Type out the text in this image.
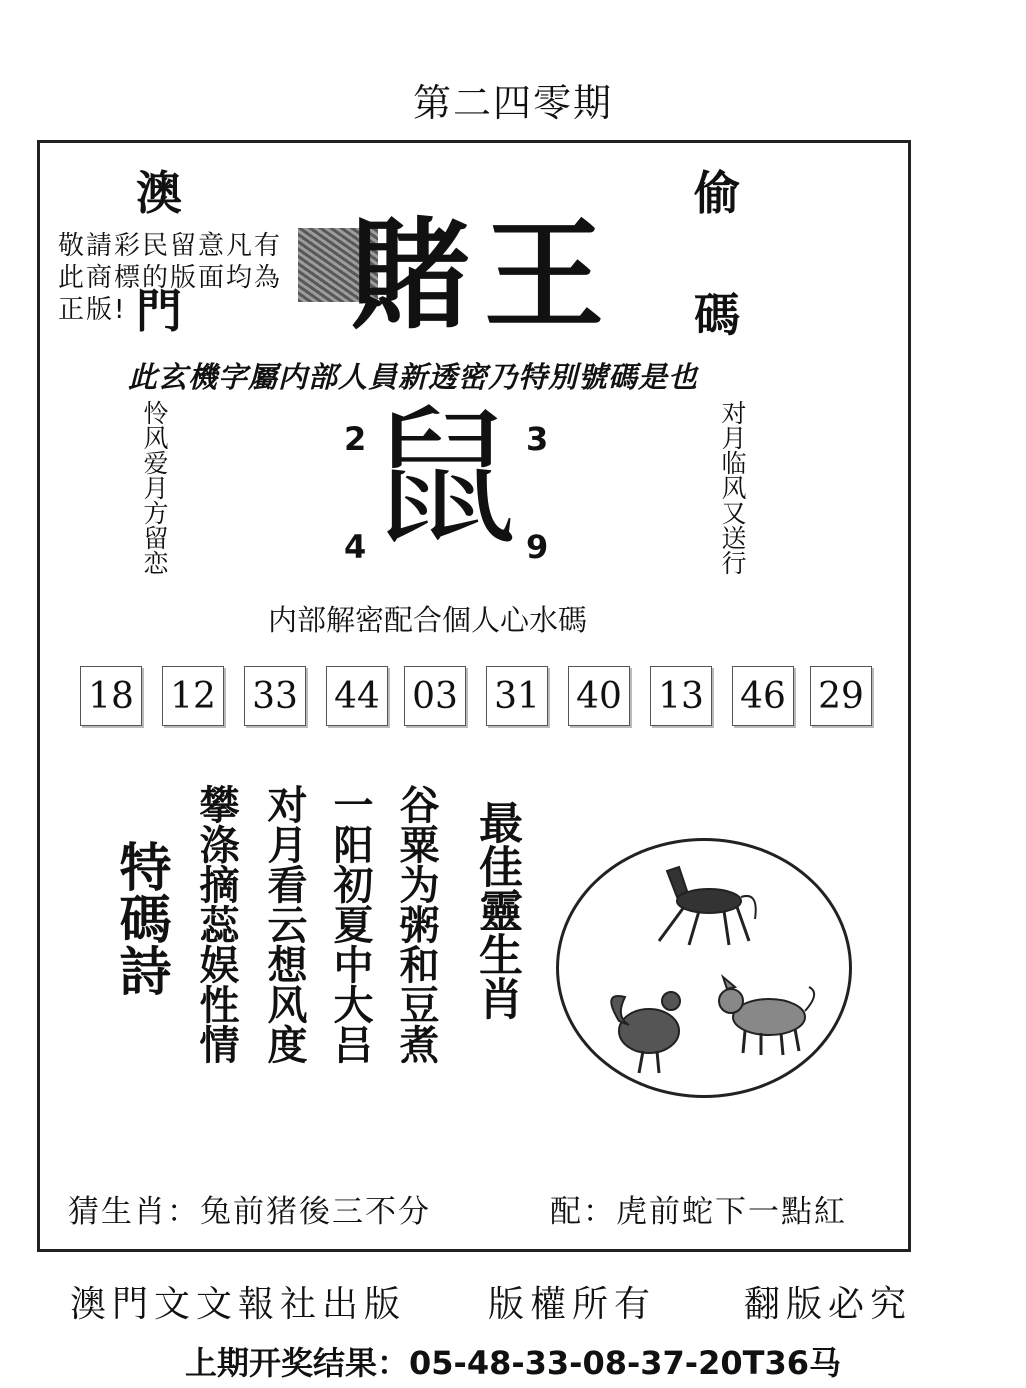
第二四零期
澳
門
偷
碼
賭王
敬請彩民留意凡有此商標的版面均為正版!
此玄機字屬内部人員新透密乃特別號碼是也
怜风爱月方留恋	对月临风又送行
鼠
2	3
4	9
内部解密配合個人心水碼
18 12 33 44 03 31 40 13 46 29
攀涤摘蕊娱性情 对月看云想风度 一阳初夏中大吕 谷粟为粥和豆煮
特碼詩	最佳靈生肖
猜生肖：兔前猪後三不分	配：虎前蛇下一點紅
澳門文文報社出版 版權所有 翻版必究
上期开奖结果：05-48-33-08-37-20T36马
